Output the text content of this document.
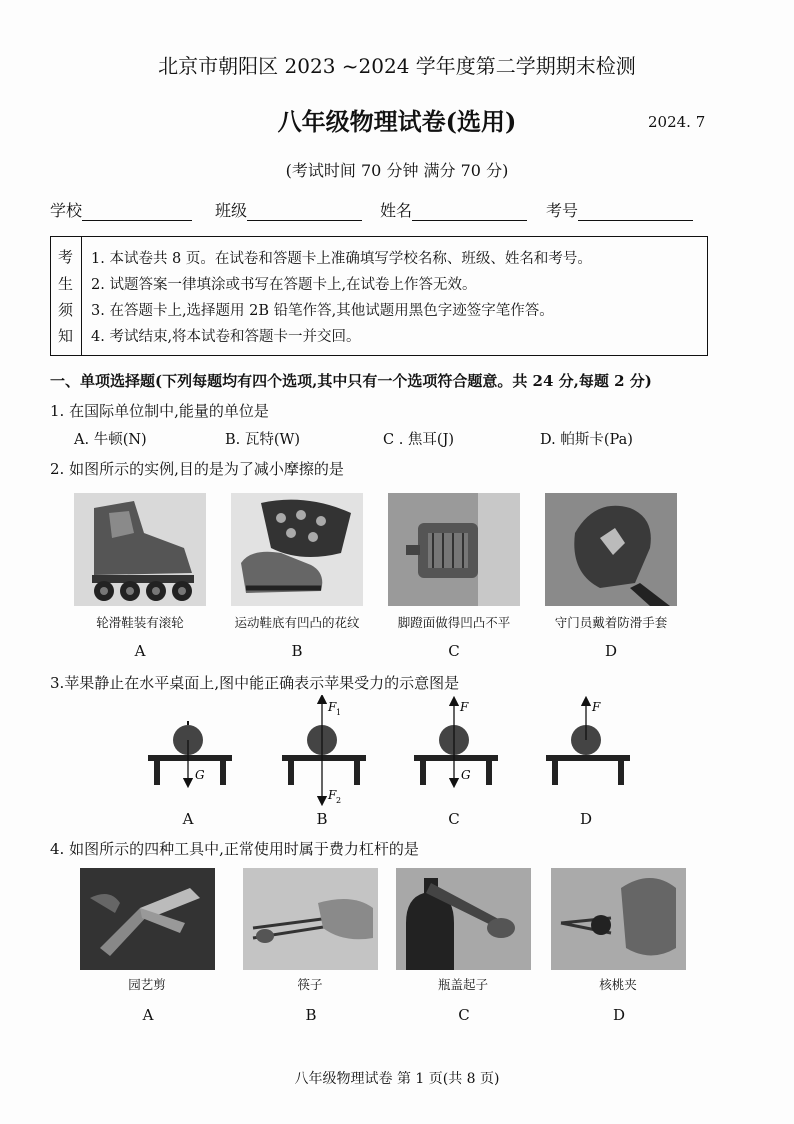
北京市朝阳区 2023 ~2024 学年度第二学期期末检测
八年级物理试卷(选用)	2024. 7
(考试时间 70 分钟 满分 70 分)
学校	班级	姓名	考号
考
生
须
知
1. 本试卷共 8 页。在试卷和答题卡上准确填写学校名称、班级、姓名和考号。
2. 试题答案一律填涂或书写在答题卡上,在试卷上作答无效。
3. 在答题卡上,选择题用 2B 铅笔作答,其他试题用黑色字迹签字笔作答。
4. 考试结束,将本试卷和答题卡一并交回。
一、单项选择题(下列每题均有四个选项,其中只有一个选项符合题意。共 24 分,每题 2 分)
1. 在国际单位制中,能量的单位是
A. 牛顿(N)	B. 瓦特(W)	C . 焦耳(J)	D. 帕斯卡(Pa)
2. 如图所示的实例,目的是为了减小摩擦的是
轮滑鞋装有滚轮	运动鞋底有凹凸的花纹	脚蹬面做得凹凸不平	守门员戴着防滑手套
A	B	C	D
3.苹果静止在水平桌面上,图中能正确表示苹果受力的示意图是
G
F 1
F 2
F
G
F
A	B	C	D
4. 如图所示的四种工具中,正常使用时属于费力杠杆的是
园艺剪	筷子	瓶盖起子	核桃夹
A	B	C	D
八年级物理试卷 第 1 页(共 8 页)
